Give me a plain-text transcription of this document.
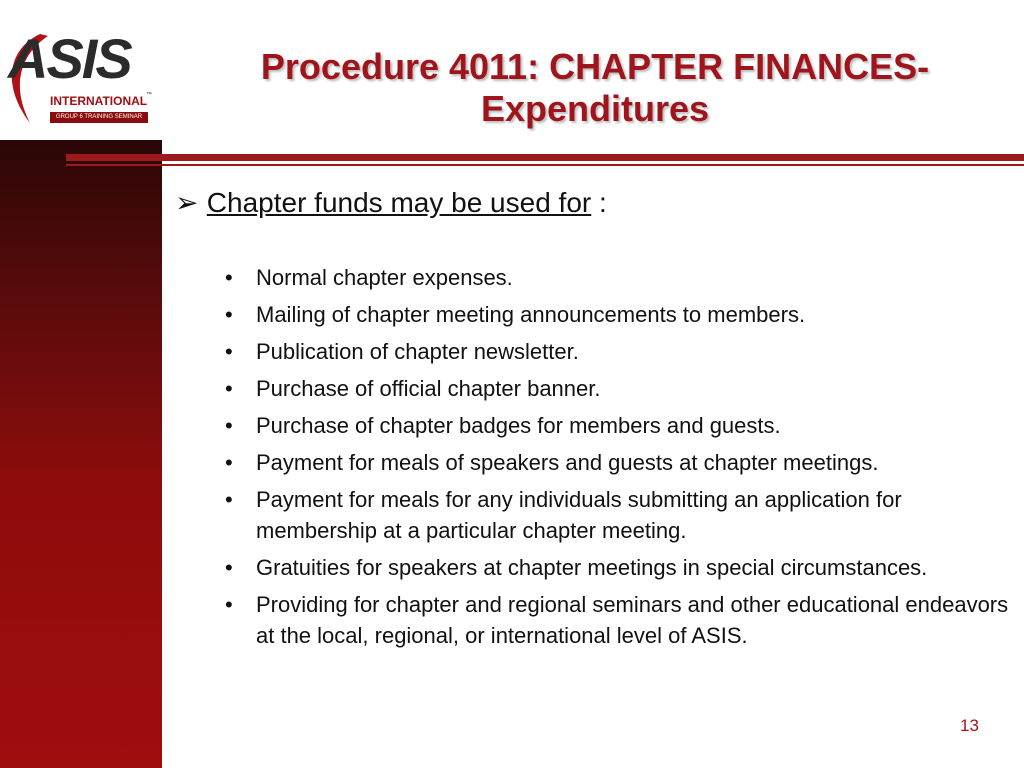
ASIS
INTERNATIONAL
™
GROUP 6 TRAINING SEMINAR
Procedure 4011: CHAPTER FINANCES-
Expenditures
➢ Chapter funds may be used for :
• Normal chapter expenses.
• Mailing of chapter meeting announcements to members.
• Publication of chapter newsletter.
• Purchase of official chapter banner.
• Purchase of chapter badges for members and guests.
• Payment for meals of speakers and guests at chapter meetings.
• Payment for meals for any individuals submitting an application for membership at a particular chapter meeting.
• Gratuities for speakers at chapter meetings in special circumstances.
• Providing for chapter and regional seminars and other educational endeavors at the local, regional, or international level of ASIS.
13
